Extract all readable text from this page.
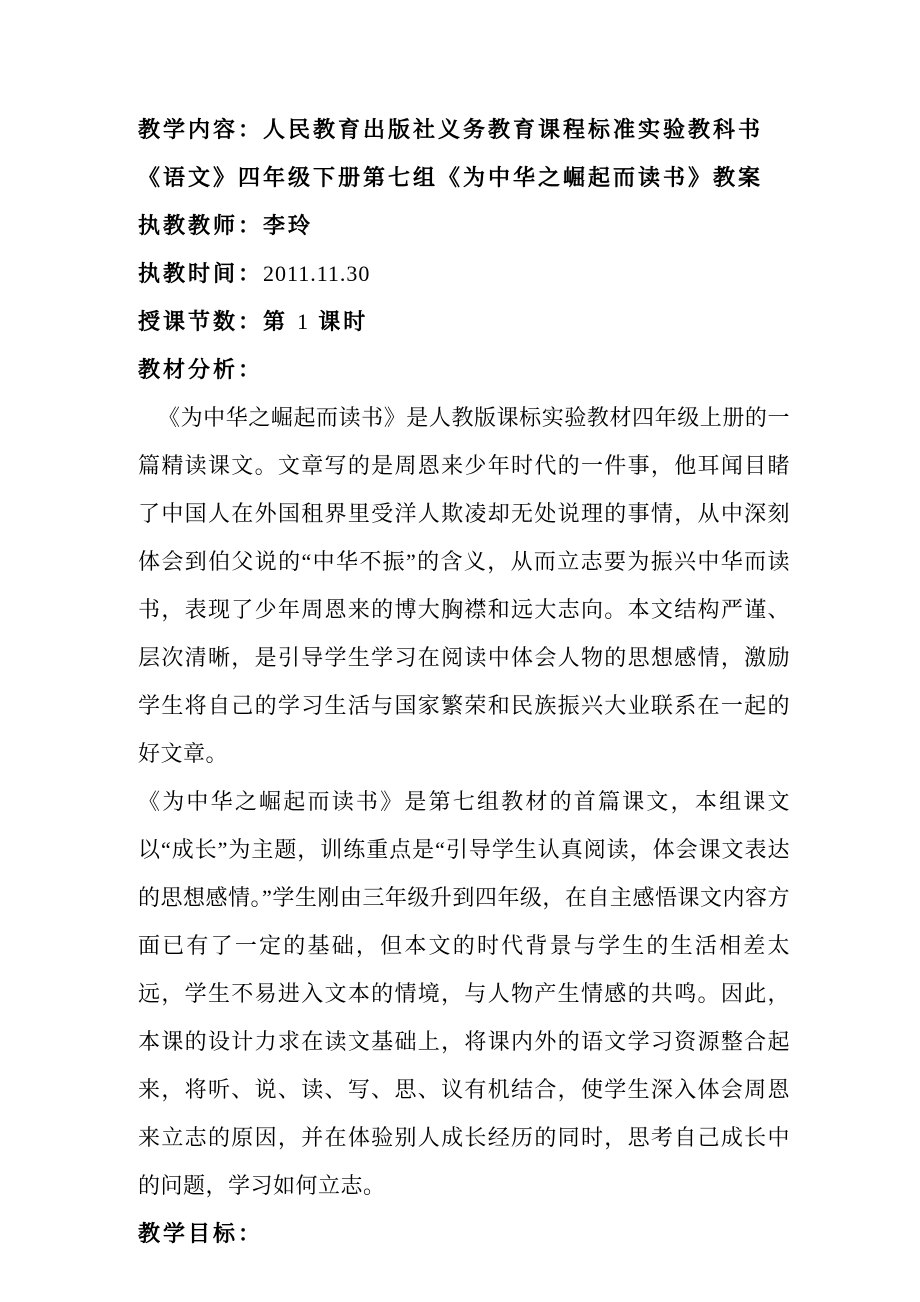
教学内容：人民教育出版社义务教育课程标准实验教科书

《语文》四年级下册第七组《为中华之崛起而读书》教案

执教教师：李玲

执教时间：2011.11.30

授课节数：第 1 课时

教材分析：

《为中华之崛起而读书》是人教版课标实验教材四年级上册的一篇精读课文。文章写的是周恩来少年时代的一件事，他耳闻目睹了中国人在外国租界里受洋人欺凌却无处说理的事情，从中深刻体会到伯父说的“中华不振”的含义，从而立志要为振兴中华而读书，表现了少年周恩来的博大胸襟和远大志向。本文结构严谨、层次清晰，是引导学生学习在阅读中体会人物的思想感情，激励学生将自己的学习生活与国家繁荣和民族振兴大业联系在一起的好文章。

《为中华之崛起而读书》是第七组教材的首篇课文，本组课文以“成长”为主题，训练重点是“引导学生认真阅读，体会课文表达的思想感情。”学生刚由三年级升到四年级，在自主感悟课文内容方面已有了一定的基础，但本文的时代背景与学生的生活相差太远，学生不易进入文本的情境，与人物产生情感的共鸣。因此，本课的设计力求在读文基础上，将课内外的语文学习资源整合起来，将听、说、读、写、思、议有机结合，使学生深入体会周恩来立志的原因，并在体验别人成长经历的同时，思考自己成长中的问题，学习如何立志。

教学目标：
